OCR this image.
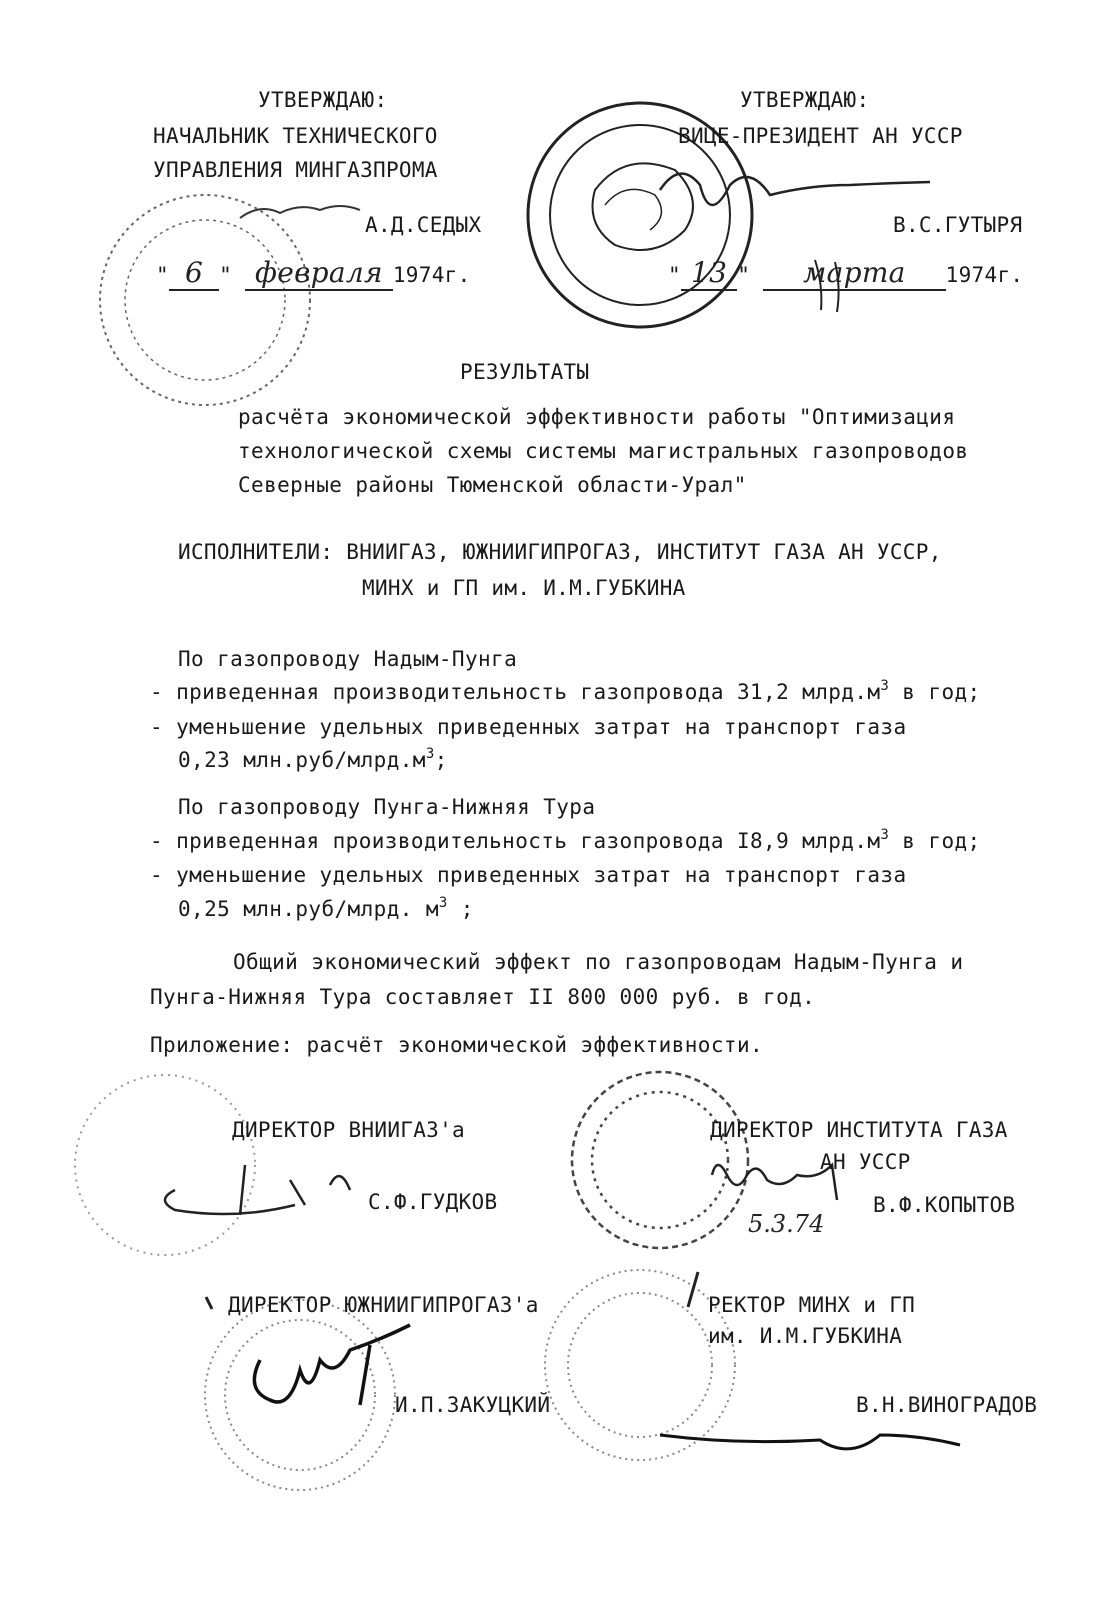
УТВЕРЖДАЮ:
НАЧАЛЬНИК ТЕХНИЧЕСКОГО
УПРАВЛЕНИЯ МИНГАЗПРОМА
А.Д.СЕДЫХ
" 6 " февраля 1974г.
УТВЕРЖДАЮ:
ВИЦЕ-ПРЕЗИДЕНТ АН УССР
В.С.ГУТЫРЯ
" 13 " марта 1974г.
РЕЗУЛЬТАТЫ
расчёта экономической эффективности работы "Оптимизация
технологической схемы системы магистральных газопроводов
Северные районы Тюменской области-Урал"
ИСПОЛНИТЕЛИ: ВНИИГАЗ, ЮЖНИИГИПРОГАЗ, ИНСТИТУТ ГАЗА АН УССР,
МИНХ и ГП им. И.М.ГУБКИНА
По газопроводу Надым-Пунга
- приведенная производительность газопровода 31,2 $млрд.м^3$ в год;
- уменьшение удельных приведенных затрат на транспорт газа
0,23 $млн.руб/млрд.м^3$;
По газопроводу Пунга-Нижняя Тура
- приведенная производительность газопровода I8,9 $млрд.м^3$ в год;
- уменьшение удельных приведенных затрат на транспорт газа
0,25 млн.руб/млрд. $м^3$ ;
Общий экономический эффект по газопроводам Надым-Пунга и
Пунга-Нижняя Тура составляет II 800 000 руб. в год.
Приложение: расчёт экономической эффективности.
ДИРЕКТОР ВНИИГАЗ'а
С.Ф.ГУДКОВ
ДИРЕКТОР ИНСТИТУТА ГАЗА
АН УССР
В.Ф.КОПЫТОВ
5.3.74
ДИРЕКТОР ЮЖНИИГИПРОГАЗ'а
И.П.ЗАКУЦКИЙ
РЕКТОР МИНХ и ГП
им. И.М.ГУБКИНА
В.Н.ВИНОГРАДОВ
